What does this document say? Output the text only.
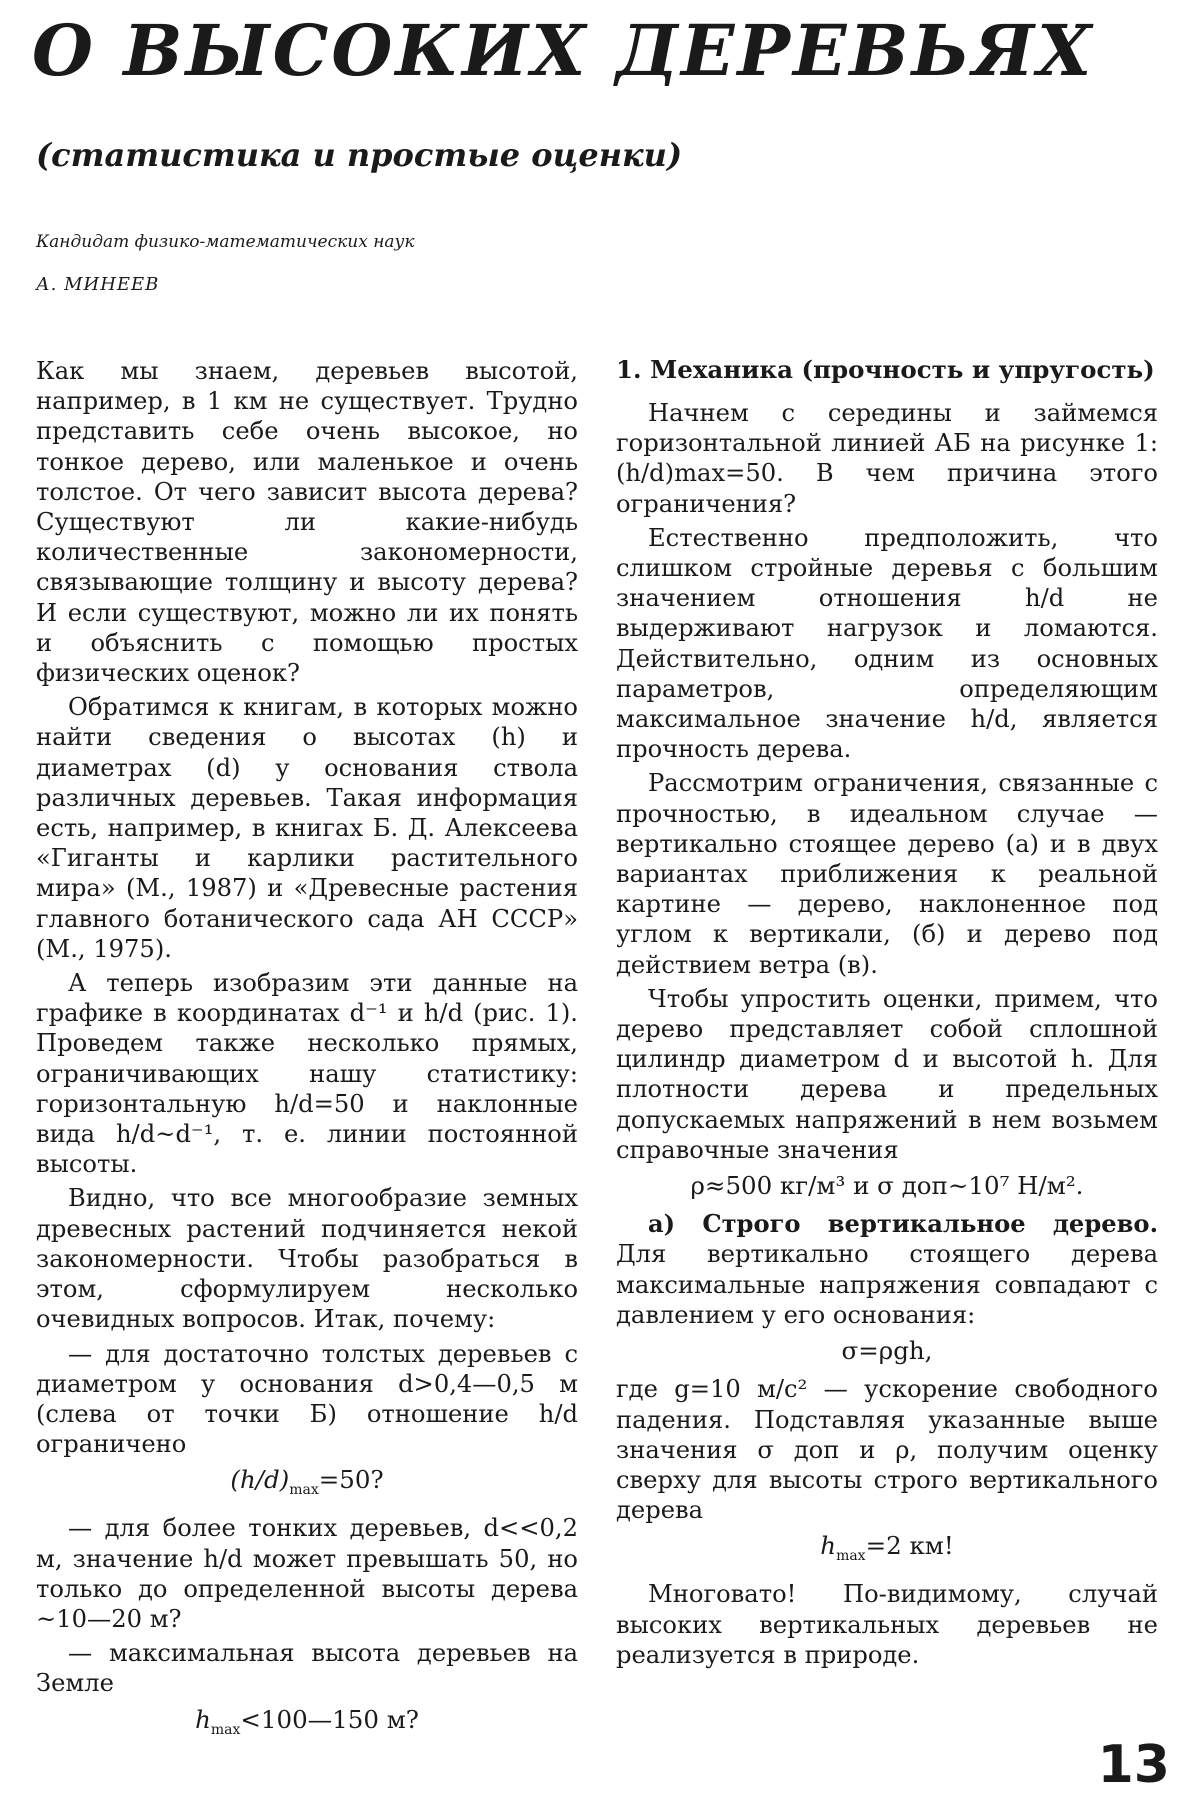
О ВЫСОКИХ ДЕРЕВЬЯХ
(статистика и простые оценки)
Кандидат физико-математических наук
А. МИНЕЕВ

Как мы знаем, деревьев высотой, например, в 1 км не существует. Трудно представить себе очень высокое, но тонкое дерево, или маленькое и очень толстое. От чего зависит высота дерева? Существуют ли какие-нибудь количественные закономерности, связывающие толщину и высоту дерева? И если существуют, можно ли их понять и объяснить с помощью простых физических оценок?

Обратимся к книгам, в которых можно найти сведения о высотах (h) и диаметрах (d) у основания ствола различных деревьев. Такая информация есть, например, в книгах Б. Д. Алексеева «Гиганты и карлики растительного мира» (М., 1987) и «Древесные растения главного ботанического сада АН СССР» (М., 1975).

А теперь изобразим эти данные на графике в координатах d⁻¹ и h/d (рис. 1). Проведем также несколько прямых, ограничивающих нашу статистику: горизонтальную h/d=50 и наклонные вида h/d~d⁻¹, т. е. линии постоянной высоты.

Видно, что все многообразие земных древесных растений подчиняется некой закономерности. Чтобы разобраться в этом, сформулируем несколько очевидных вопросов. Итак, почему:

— для достаточно толстых деревьев с диаметром у основания d>0,4—0,5 м (слева от точки Б) отношение h/d ограничено

$(h/d)_{max}=50$?

— для более тонких деревьев, d<<0,2 м, значение h/d может превышать 50, но только до определенной высоты дерева ~10—20 м?

— максимальная высота деревьев на Земле

$h_{max}<100—150$ м?
1. Механика (прочность и упругость)

Начнем с середины и займемся горизонтальной линией АБ на рисунке 1: (h/d)max=50. В чем причина этого ограничения?

Естественно предположить, что слишком стройные деревья с большим значением отношения h/d не выдерживают нагрузок и ломаются. Действительно, одним из основных параметров, определяющим максимальное значение h/d, является прочность дерева.

Рассмотрим ограничения, связанные с прочностью, в идеальном случае — вертикально стоящее дерево (а) и в двух вариантах приближения к реальной картине — дерево, наклоненное под углом к вертикали, (б) и дерево под действием ветра (в).

Чтобы упростить оценки, примем, что дерево представляет собой сплошной цилиндр диаметром d и высотой h. Для плотности дерева и предельных допускаемых напряжений в нем возьмем справочные значения

ρ≈500 кг/м³ и σ доп~10⁷ Н/м².

а) Строго вертикальное дерево. Для вертикально стоящего дерева максимальные напряжения совпадают с давлением у его основания:

σ=ρgh,

где g=10 м/с² — ускорение свободного падения. Подставляя указанные выше значения σ доп и ρ, получим оценку сверху для высоты строго вертикального дерева

$h_{max}=2$ км!

Многовато! По-видимому, случай высоких вертикальных деревьев не реализуется в природе.

13
